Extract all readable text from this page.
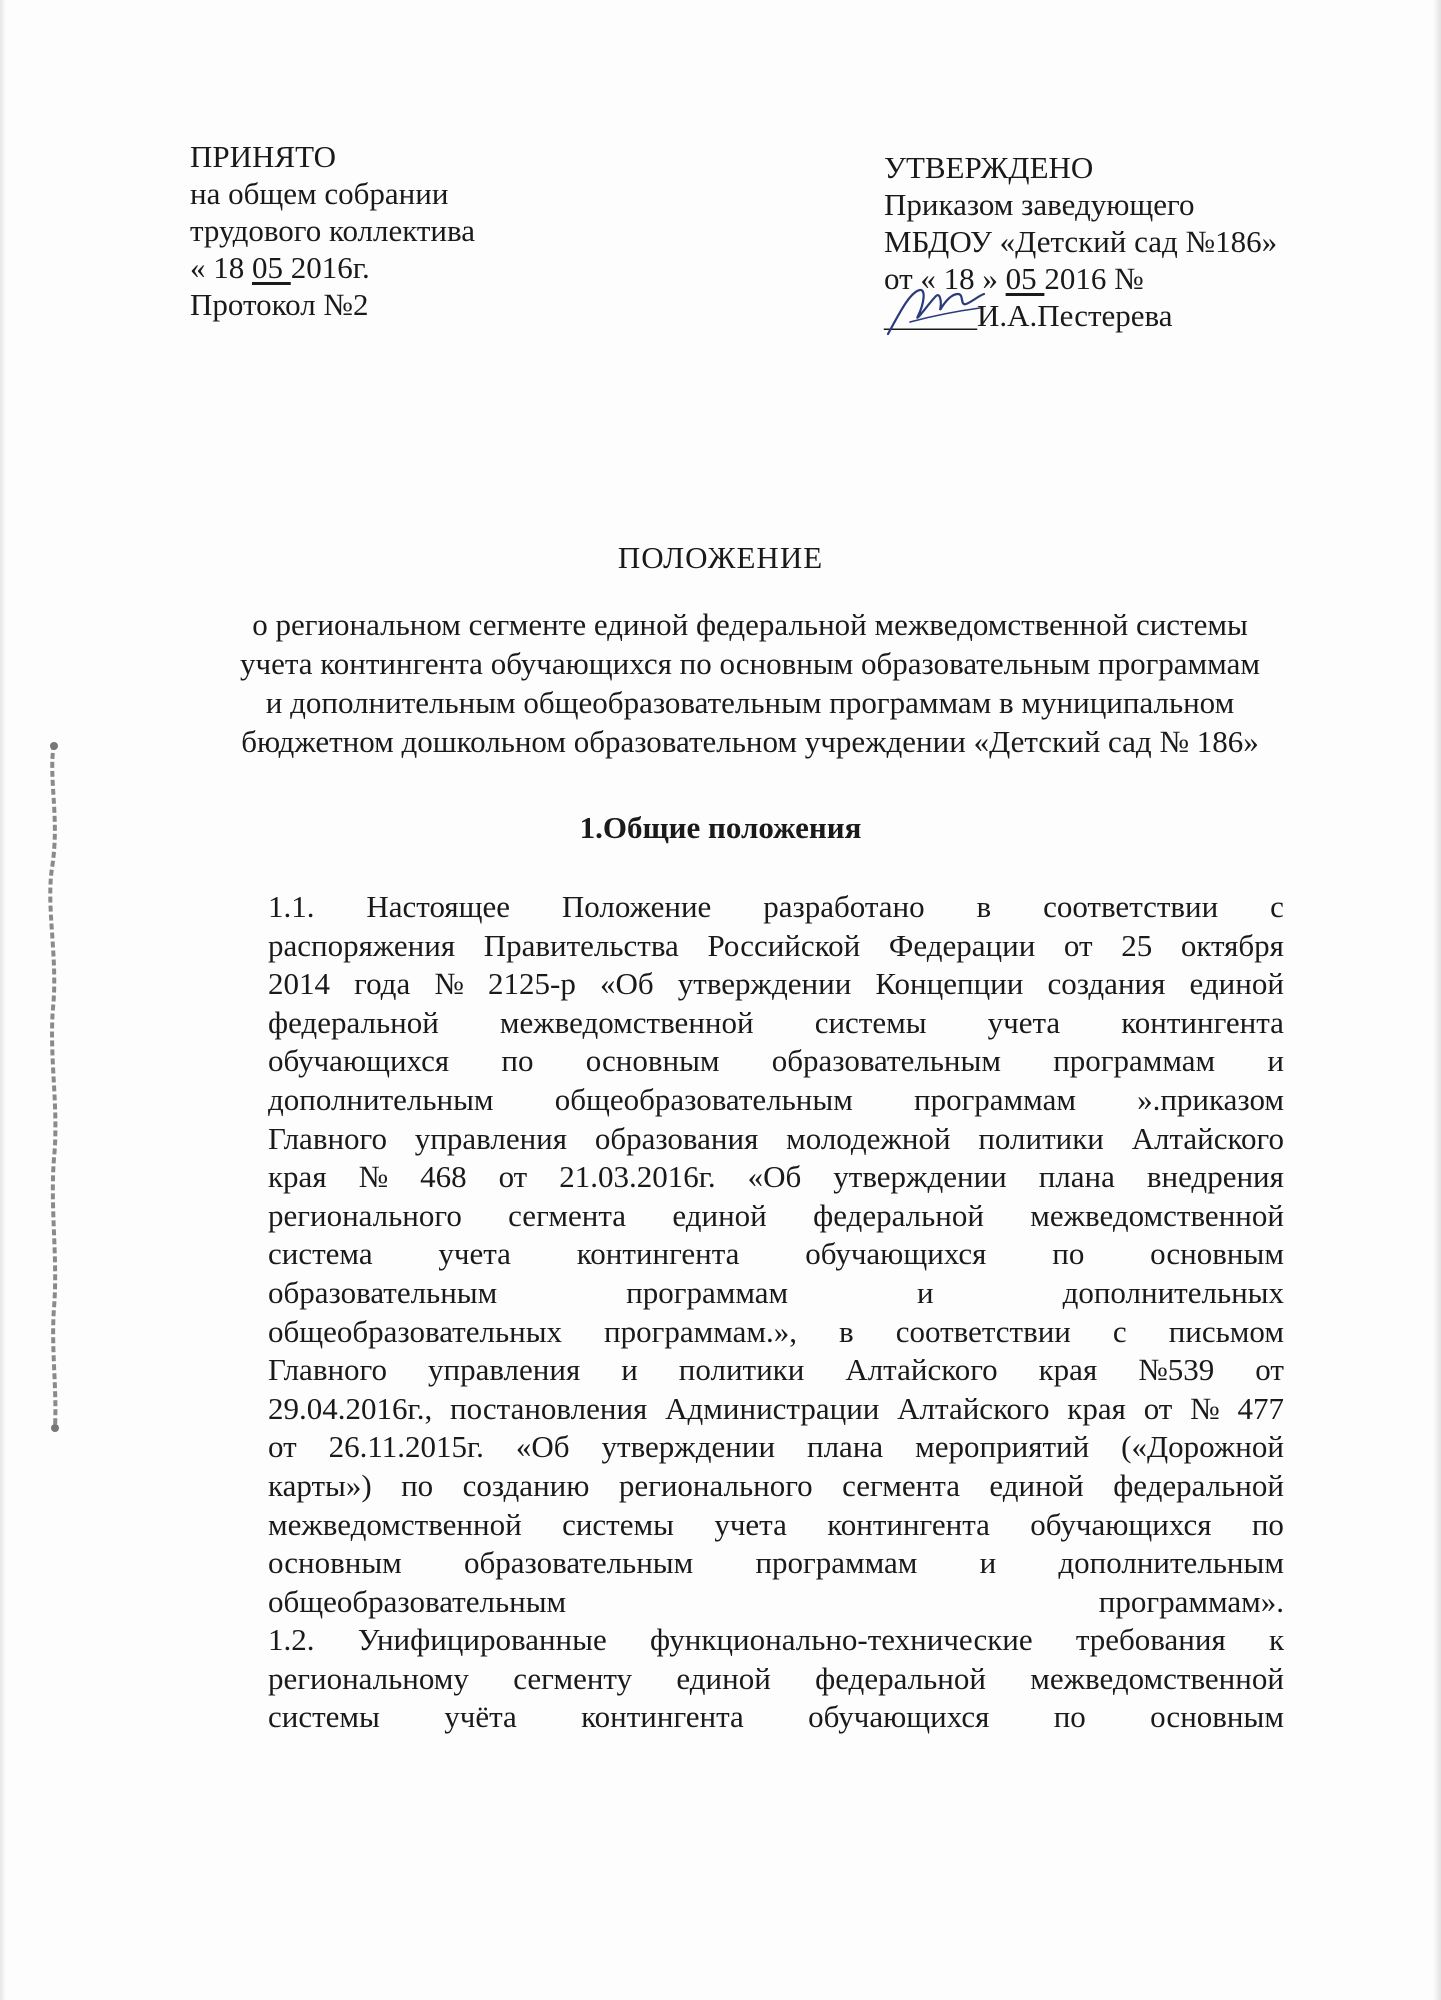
ПРИНЯТО
на общем собрании
трудового коллектива
« 18 05 2016г.
Протокол №2
УТВЕРЖДЕНО
Приказом заведующего
МБДОУ «Детский сад №186»
от « 18 » 05 2016 №
______И.А.Пестерева
ПОЛОЖЕНИЕ
о региональном сегменте единой федеральной межведомственной системы
учета контингента обучающихся по основным образовательным программам
и дополнительным общеобразовательным программам в муниципальном
бюджетном дошкольном образовательном учреждении «Детский сад № 186»
1.Общие положения
1.1. Настоящее Положение разработано в соответствии с
распоряжения Правительства Российской Федерации от 25 октября
2014 года № 2125-р «Об утверждении Концепции создания единой
федеральной межведомственной системы учета контингента
обучающихся по основным образовательным программам и
дополнительным общеобразовательным программам ».приказом
Главного управления образования молодежной политики Алтайского
края № 468 от 21.03.2016г. «Об утверждении плана внедрения
регионального сегмента единой федеральной межведомственной
система учета контингента обучающихся по основным
образовательным	программам	и	дополнительных
общеобразовательных программам.», в соответствии с письмом
Главного управления и политики Алтайского края №539 от
29.04.2016г., постановления Администрации Алтайского края от № 477
от 26.11.2015г. «Об утверждении плана мероприятий («Дорожной
карты») по созданию регионального сегмента единой федеральной
межведомственной системы учета контингента обучающихся по
основным образовательным программам и дополнительным
общеобразовательным программам».
1.2. Унифицированные функционально-технические требования к
региональному сегменту единой федеральной межведомственной
системы учёта контингента обучающихся по основным
